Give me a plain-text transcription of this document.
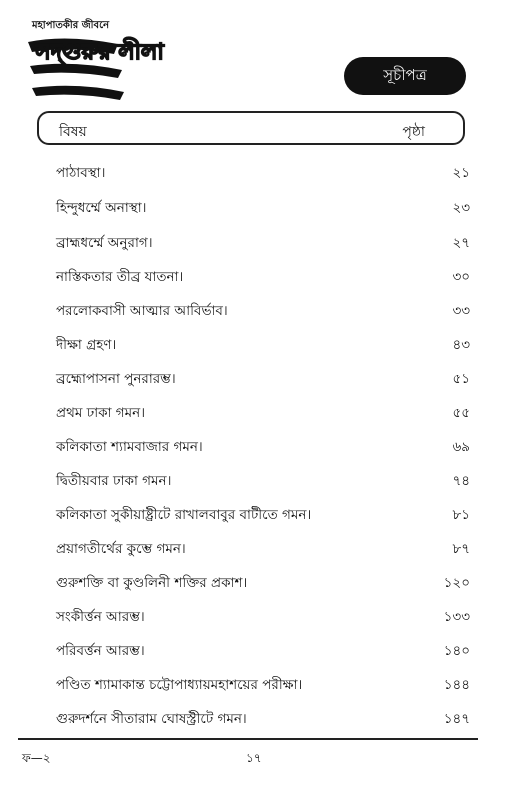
মহাপাতকীর জীবনে
সদ্গুরুর লীলা
সূচীপত্র
বিষয়	পৃষ্ঠা
পাঠাবস্থা।	২১
হিন্দুধর্ম্মে অনাস্থা।	২৩
ব্রাহ্মধর্ম্মে অনুরাগ।	২৭
নাস্তিকতার তীব্র যাতনা।	৩০
পরলোকবাসী আত্মার আবির্ভাব।	৩৩
দীক্ষা গ্রহণ।	৪৩
ব্রহ্মোপাসনা পুনরারম্ভ।	৫১
প্রথম ঢাকা গমন।	৫৫
কলিকাতা শ্যামবাজার গমন।	৬৯
দ্বিতীয়বার ঢাকা গমন।	৭৪
কলিকাতা সুকীয়াষ্ট্রীটে রাখালবাবুর বাটীতে গমন।	৮১
প্রয়াগতীর্থের কুম্ভে গমন।	৮৭
গুরুশক্তি বা কুণ্ডলিনী শক্তির প্রকাশ।	১২০
সংকীর্ত্তন আরম্ভ।	১৩৩
পরিবর্ত্তন আরম্ভ।	১৪০
পণ্ডিত শ্যামাকান্ত চট্টোপাধ্যায়মহাশয়ের পরীক্ষা।	১৪৪
গুরুদর্শনে সীতারাম ঘোষস্ট্রীটে গমন।	১৪৭
ফ—২	১৭
